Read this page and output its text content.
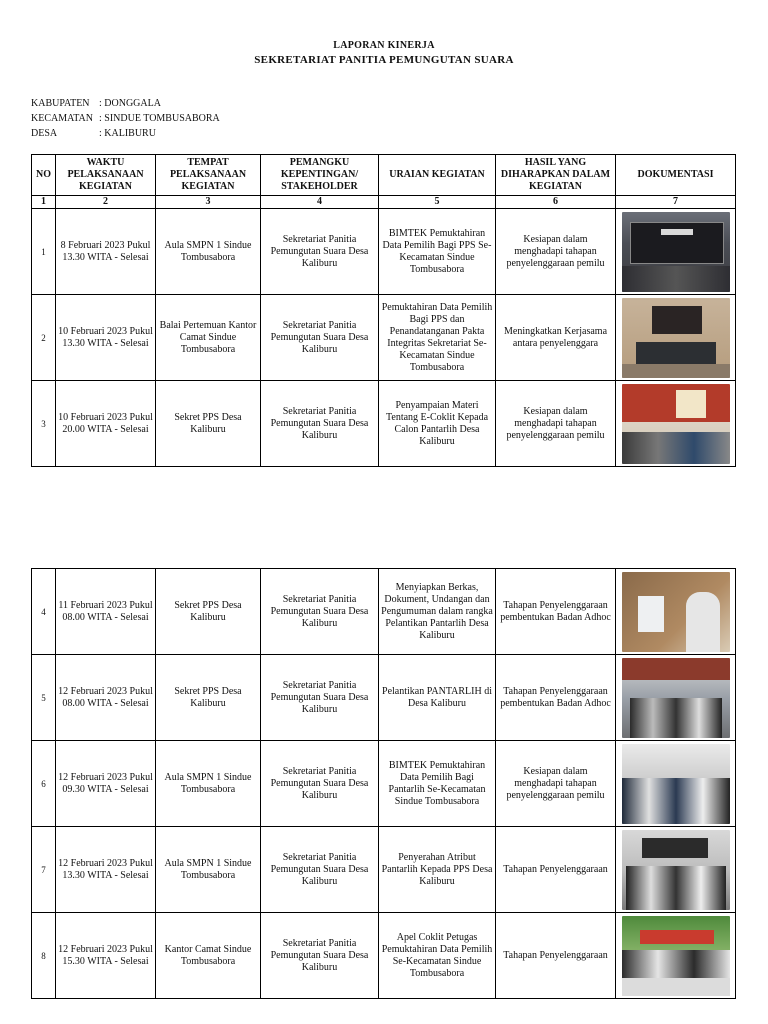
LAPORAN KINERJA
SEKRETARIAT PANITIA PEMUNGUTAN SUARA
KABUPATEN : DONGGALA
KECAMATAN : SINDUE TOMBUSABORA
DESA	: KALIBURU
NO	WAKTU PELAKSANAAN KEGIATAN	TEMPAT PELAKSANAAN KEGIATAN	PEMANGKU KEPENTINGAN/ STAKEHOLDER	URAIAN KEGIATAN	HASIL YANG DIHARAPKAN DALAM KEGIATAN	DOKUMENTASI
1	2	3	4	5	6	7
1	8 Februari 2023 Pukul 13.30 WITA - Selesai	Aula SMPN 1 Sindue Tombusabora	Sekretariat Panitia Pemungutan Suara Desa Kaliburu	BIMTEK Pemuktahiran Data Pemilih Bagi PPS Se-Kecamatan Sindue Tombusabora	Kesiapan dalam menghadapi tahapan penyelenggaraan pemilu	

2	10 Februari 2023 Pukul 13.30 WITA - Selesai	Balai Pertemuan Kantor Camat Sindue Tombusabora	Sekretariat Panitia Pemungutan Suara Desa Kaliburu	Pemuktahiran Data Pemilih Bagi PPS dan Penandatanganan Pakta Integritas Sekretariat Se-Kecamatan Sindue Tombusabora	Meningkatkan Kerjasama antara penyelenggara	

3	10 Februari 2023 Pukul 20.00 WITA - Selesai	Sekret PPS Desa Kaliburu	Sekretariat Panitia Pemungutan Suara Desa Kaliburu	Penyampaian Materi Tentang E-Coklit Kepada Calon Pantarlih Desa Kaliburu	Kesiapan dalam menghadapi tahapan penyelenggaraan pemilu	
4	11 Februari 2023 Pukul 08.00 WITA - Selesai	Sekret PPS Desa Kaliburu	Sekretariat Panitia Pemungutan Suara Desa Kaliburu	Menyiapkan Berkas, Dokument, Undangan dan Pengumuman dalam rangka Pelantikan Pantarlih Desa Kaliburu	Tahapan Penyelenggaraan pembentukan Badan Adhoc	

5	12 Februari 2023 Pukul 08.00 WITA - Selesai	Sekret PPS Desa Kaliburu	Sekretariat Panitia Pemungutan Suara Desa Kaliburu	Pelantikan PANTARLIH di Desa Kaliburu	Tahapan Penyelenggaraan pembentukan Badan Adhoc	

6	12 Februari 2023 Pukul 09.30 WITA - Selesai	Aula SMPN 1 Sindue Tombusabora	Sekretariat Panitia Pemungutan Suara Desa Kaliburu	BIMTEK Pemuktahiran Data Pemilih Bagi Pantarlih Se-Kecamatan Sindue Tombusabora	Kesiapan dalam menghadapi tahapan penyelenggaraan pemilu	

7	12 Februari 2023 Pukul 13.30 WITA - Selesai	Aula SMPN 1 Sindue Tombusabora	Sekretariat Panitia Pemungutan Suara Desa Kaliburu	Penyerahan Atribut Pantarlih Kepada PPS Desa Kaliburu	Tahapan Penyelenggaraan	

8	12 Februari 2023 Pukul 15.30 WITA - Selesai	Kantor Camat Sindue Tombusabora	Sekretariat Panitia Pemungutan Suara Desa Kaliburu	Apel Coklit Petugas Pemuktahiran Data Pemilih Se-Kecamatan Sindue Tombusabora	Tahapan Penyelenggaraan	
